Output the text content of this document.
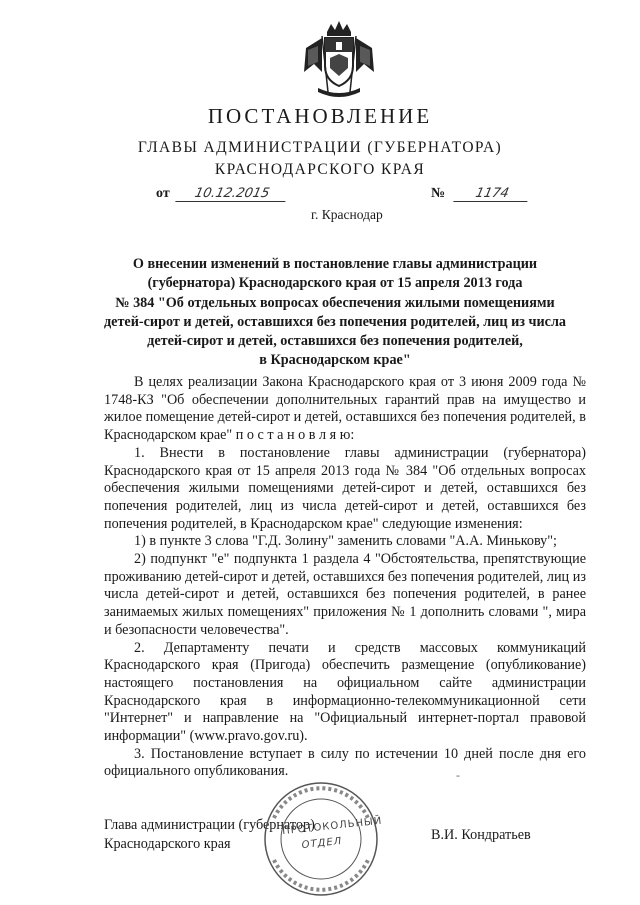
ПОСТАНОВЛЕНИЕ
ГЛАВЫ АДМИНИСТРАЦИИ (ГУБЕРНАТОРА)
КРАСНОДАРСКОГО КРАЯ
от 10.12.2015	№ 1174
г. Краснодар
О внесении изменений в постановление главы администрации
(губернатора) Краснодарского края от 15 апреля 2013 года
№ 384 "Об отдельных вопросах обеспечения жилыми помещениями
детей-сирот и детей, оставшихся без попечения родителей, лиц из числа
детей-сирот и детей, оставшихся без попечения родителей,
в Краснодарском крае"

В целях реализации Закона Краснодарского края от 3 июня 2009 года № 1748-КЗ "Об обеспечении дополнительных гарантий прав на имущество и жилое помещение детей-сирот и детей, оставшихся без попечения родителей, в Краснодарском крае" п о с т а н о в л я ю:

1. Внести в постановление главы администрации (губернатора) Краснодарского края от 15 апреля 2013 года № 384 "Об отдельных вопросах обеспечения жилыми помещениями детей-сирот и детей, оставшихся без попечения родителей, лиц из числа детей-сирот и детей, оставшихся без попечения родителей, в Краснодарском крае" следующие изменения:

1) в пункте 3 слова "Г.Д. Золину" заменить словами "А.А. Минькову";

2) подпункт "е" подпункта 1 раздела 4 "Обстоятельства, препятствующие проживанию детей-сирот и детей, оставшихся без попечения родителей, лиц из числа детей-сирот и детей, оставшихся без попечения родителей, в ранее занимаемых жилых помещениях" приложения № 1 дополнить словами ", мира и безопасности человечества".

2. Департаменту печати и средств массовых коммуникаций Краснодарского края (Пригода) обеспечить размещение (опубликование) настоящего постановления на официальном сайте администрации Краснодарского края в информационно-телекоммуникационной сети "Интернет" и направление на "Официальный интернет-портал правовой информации" (www.pravo.gov.ru).

3. Постановление вступает в силу по истечении 10 дней после дня его официального опубликования.	-
Глава администрации (губернатор)
Краснодарского края
В.И. Кондратьев
ПРОТОКОЛЬНЫЙ
ОТДЕЛ
